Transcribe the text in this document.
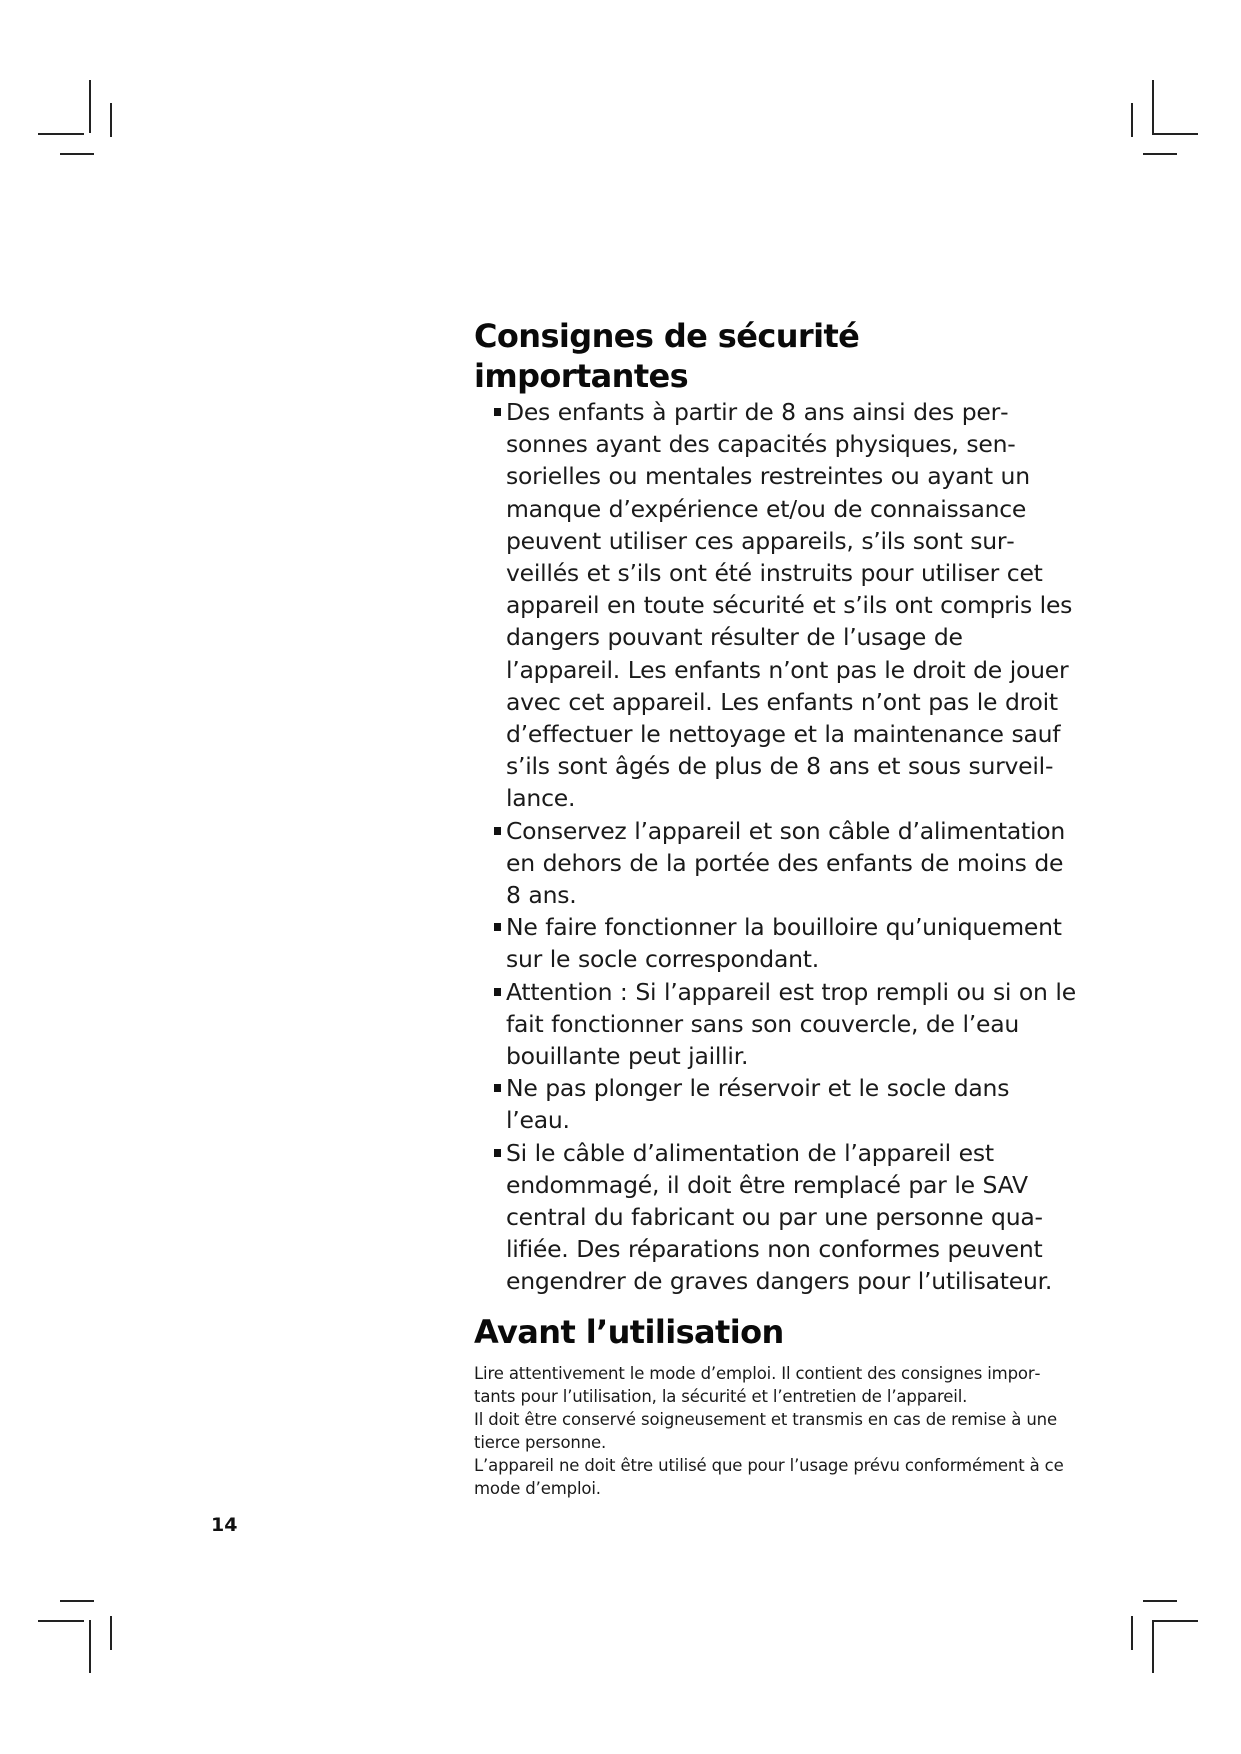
Consignes de sécurité importantes
Des enfants à partir de 8 ans ainsi des personnes ayant des capacités physiques, sensorielles ou mentales restreintes ou ayant un manque d’expérience et/ou de connaissance peuvent utiliser ces appareils, s’ils sont surveillés et s’ils ont été instruits pour utiliser cet appareil en toute sécurité et s’ils ont compris les dangers pouvant résulter de l’usage de l’appareil. Les enfants n’ont pas le droit de jouer avec cet appareil. Les enfants n’ont pas le droit d’effectuer le nettoyage et la maintenance sauf s’ils sont âgés de plus de 8 ans et sous surveillance.
Conservez l’appareil et son câble d’alimentation en dehors de la portée des enfants de moins de 8 ans.
Ne faire fonctionner la bouilloire qu’uniquement sur le socle correspondant.
Attention : Si l’appareil est trop rempli ou si on le fait fonctionner sans son couvercle, de l’eau bouillante peut jaillir.
Ne pas plonger le réservoir et le socle dans l’eau.
Si le câble d’alimentation de l’appareil est endommagé, il doit être remplacé par le SAV central du fabricant ou par une personne qualifiée. Des réparations non conformes peuvent engendrer de graves dangers pour l’utilisateur.
Avant l’utilisation

Lire attentivement le mode d’emploi. Il contient des consignes importants pour l’utilisation, la sécurité et l’entretien de l’appareil.

Il doit être conservé soigneusement et transmis en cas de remise à une tierce personne.

L’appareil ne doit être utilisé que pour l’usage prévu conformément à ce mode d’emploi.

14
